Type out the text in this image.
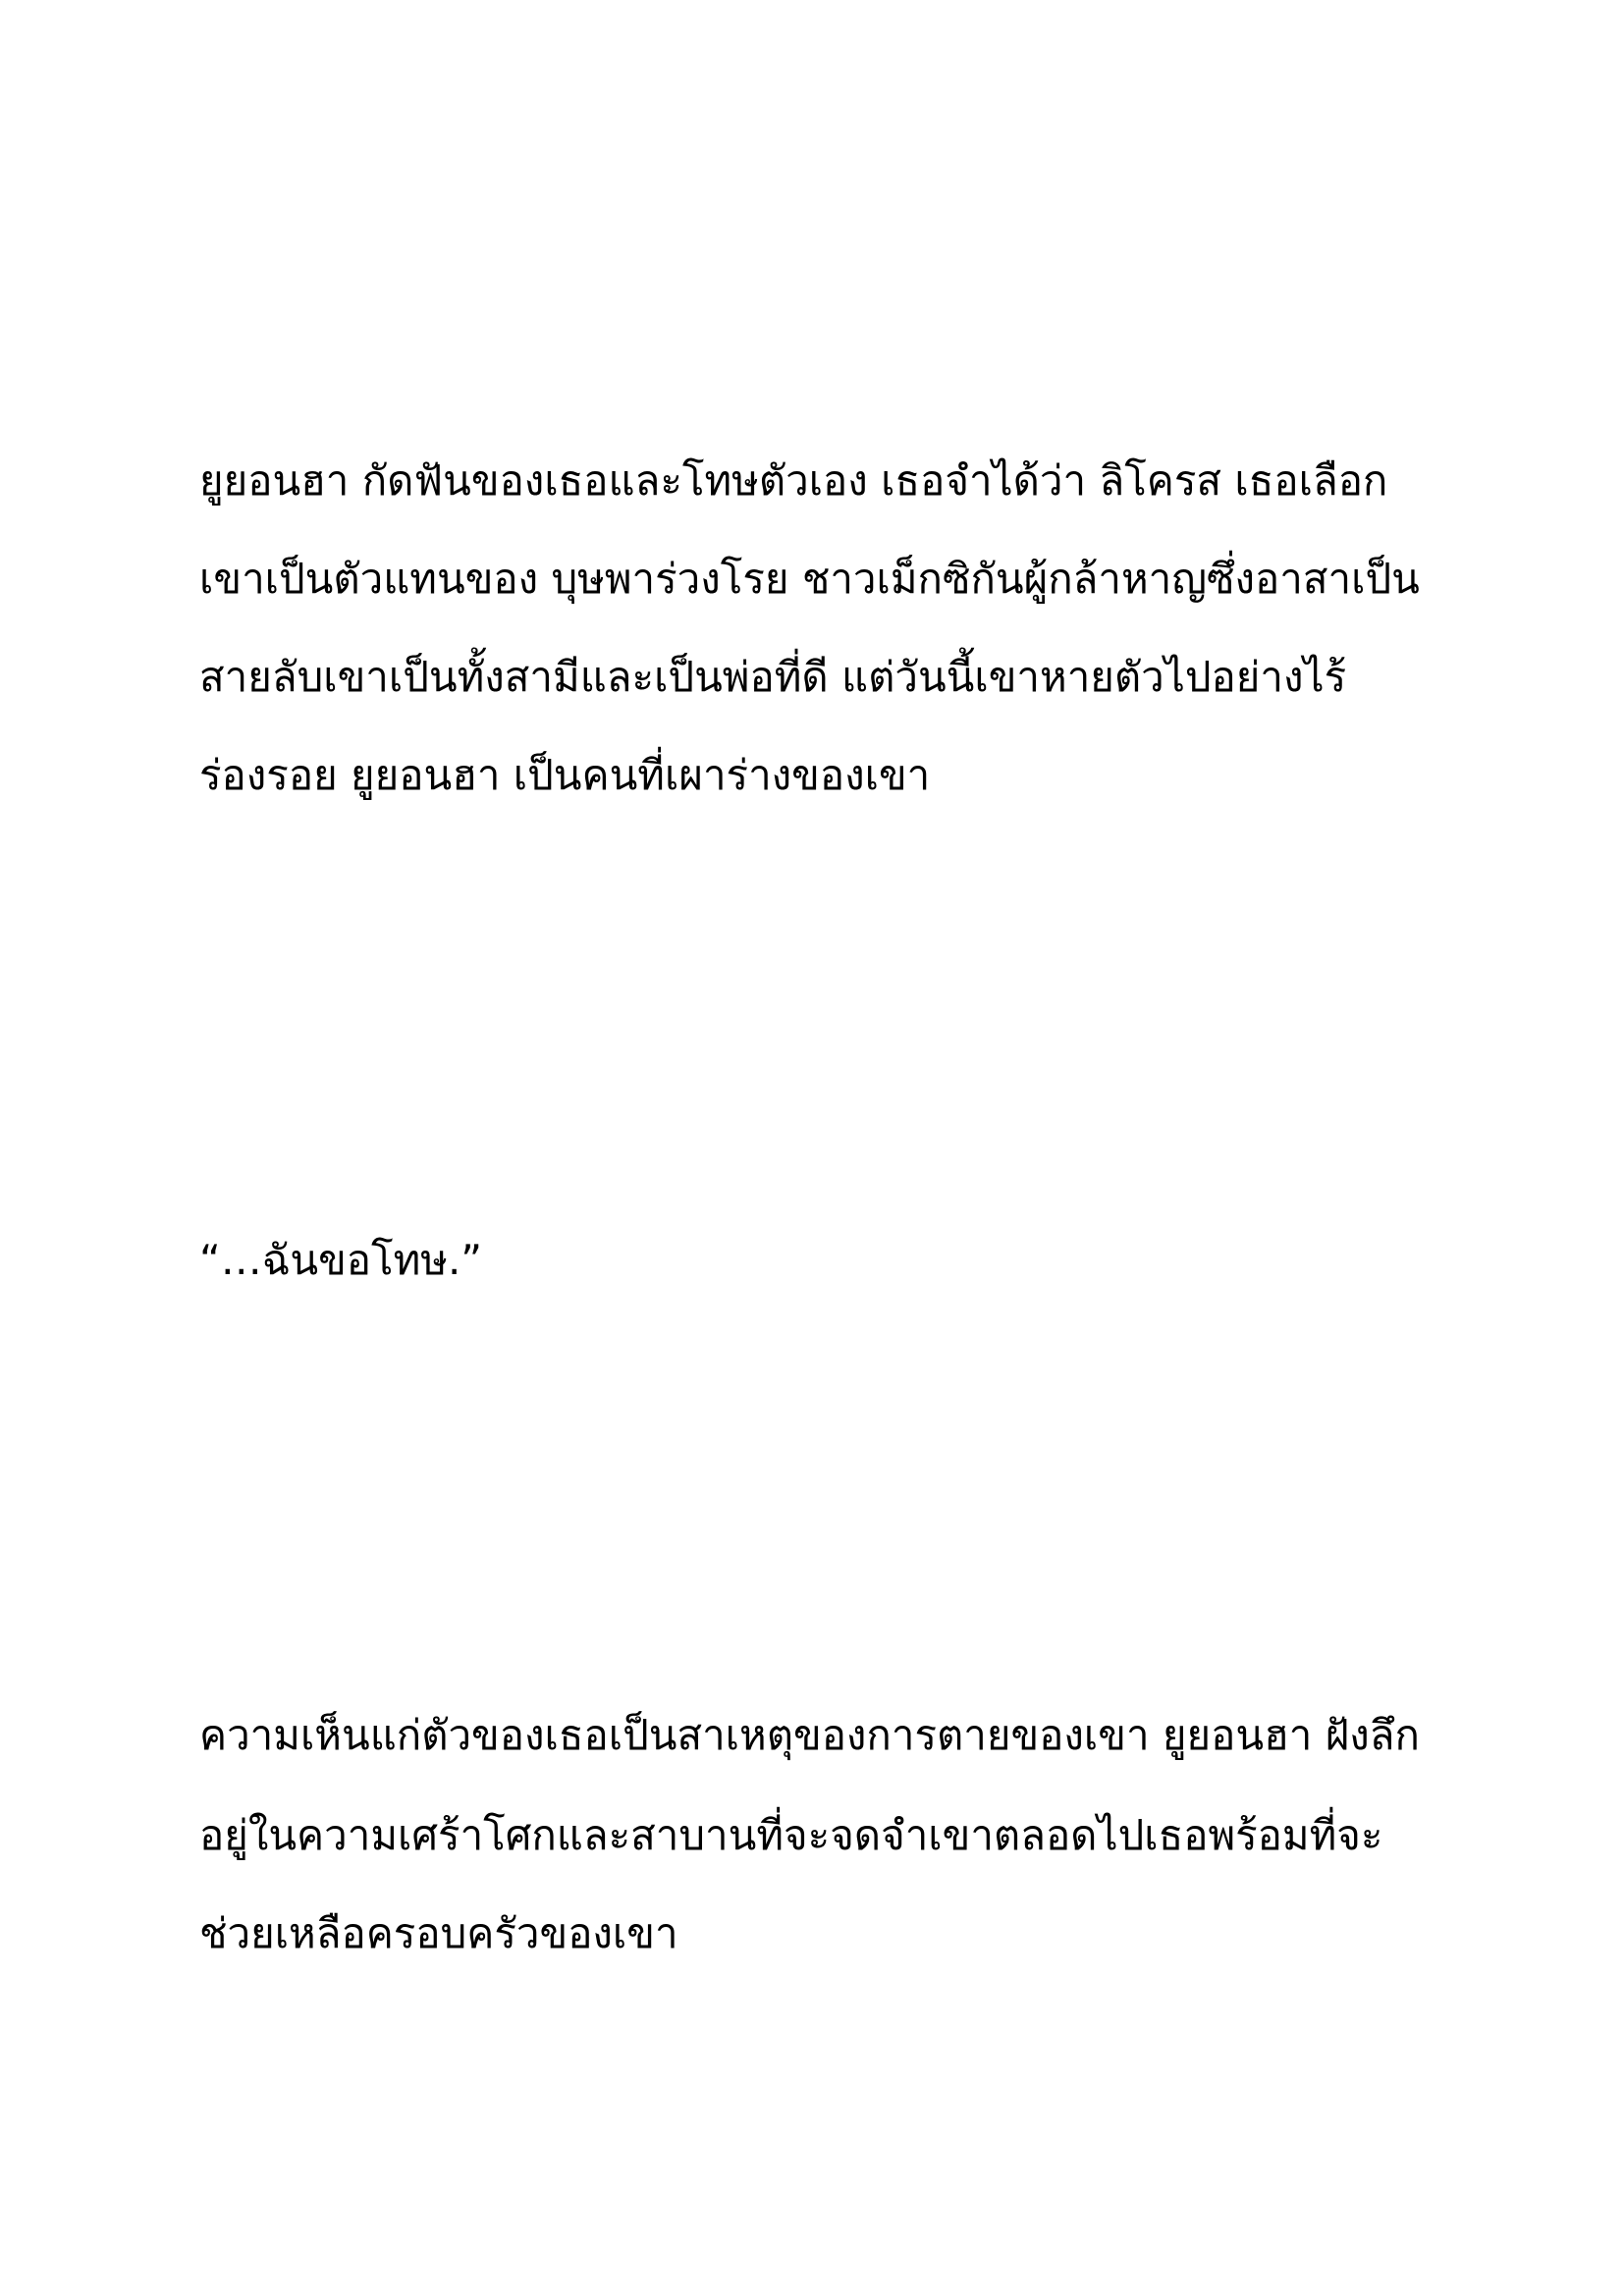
ยูยอนฮา กัดฟันของเธอและโทษตัวเอง เธอจำได้ว่า ลิโครส เธอเลือก

เขาเป็นตัวแทนของ บุษพาร่วงโรย ชาวเม็กซิกันผู้กล้าหาญซึ่งอาสาเป็น

สายลับเขาเป็นทั้งสามีและเป็นพ่อที่ดี แต่วันนี้เขาหายตัวไปอย่างไร้

ร่องรอย ยูยอนฮา เป็นคนที่เผาร่างของเขา

“…ฉันขอโทษ.”

ความเห็นแก่ตัวของเธอเป็นสาเหตุของการตายของเขา ยูยอนฮา ฝังลึก

อยู่ในความเศร้าโศกและสาบานที่จะจดจำเขาตลอดไปเธอพร้อมที่จะ

ช่วยเหลือครอบครัวของเขา
